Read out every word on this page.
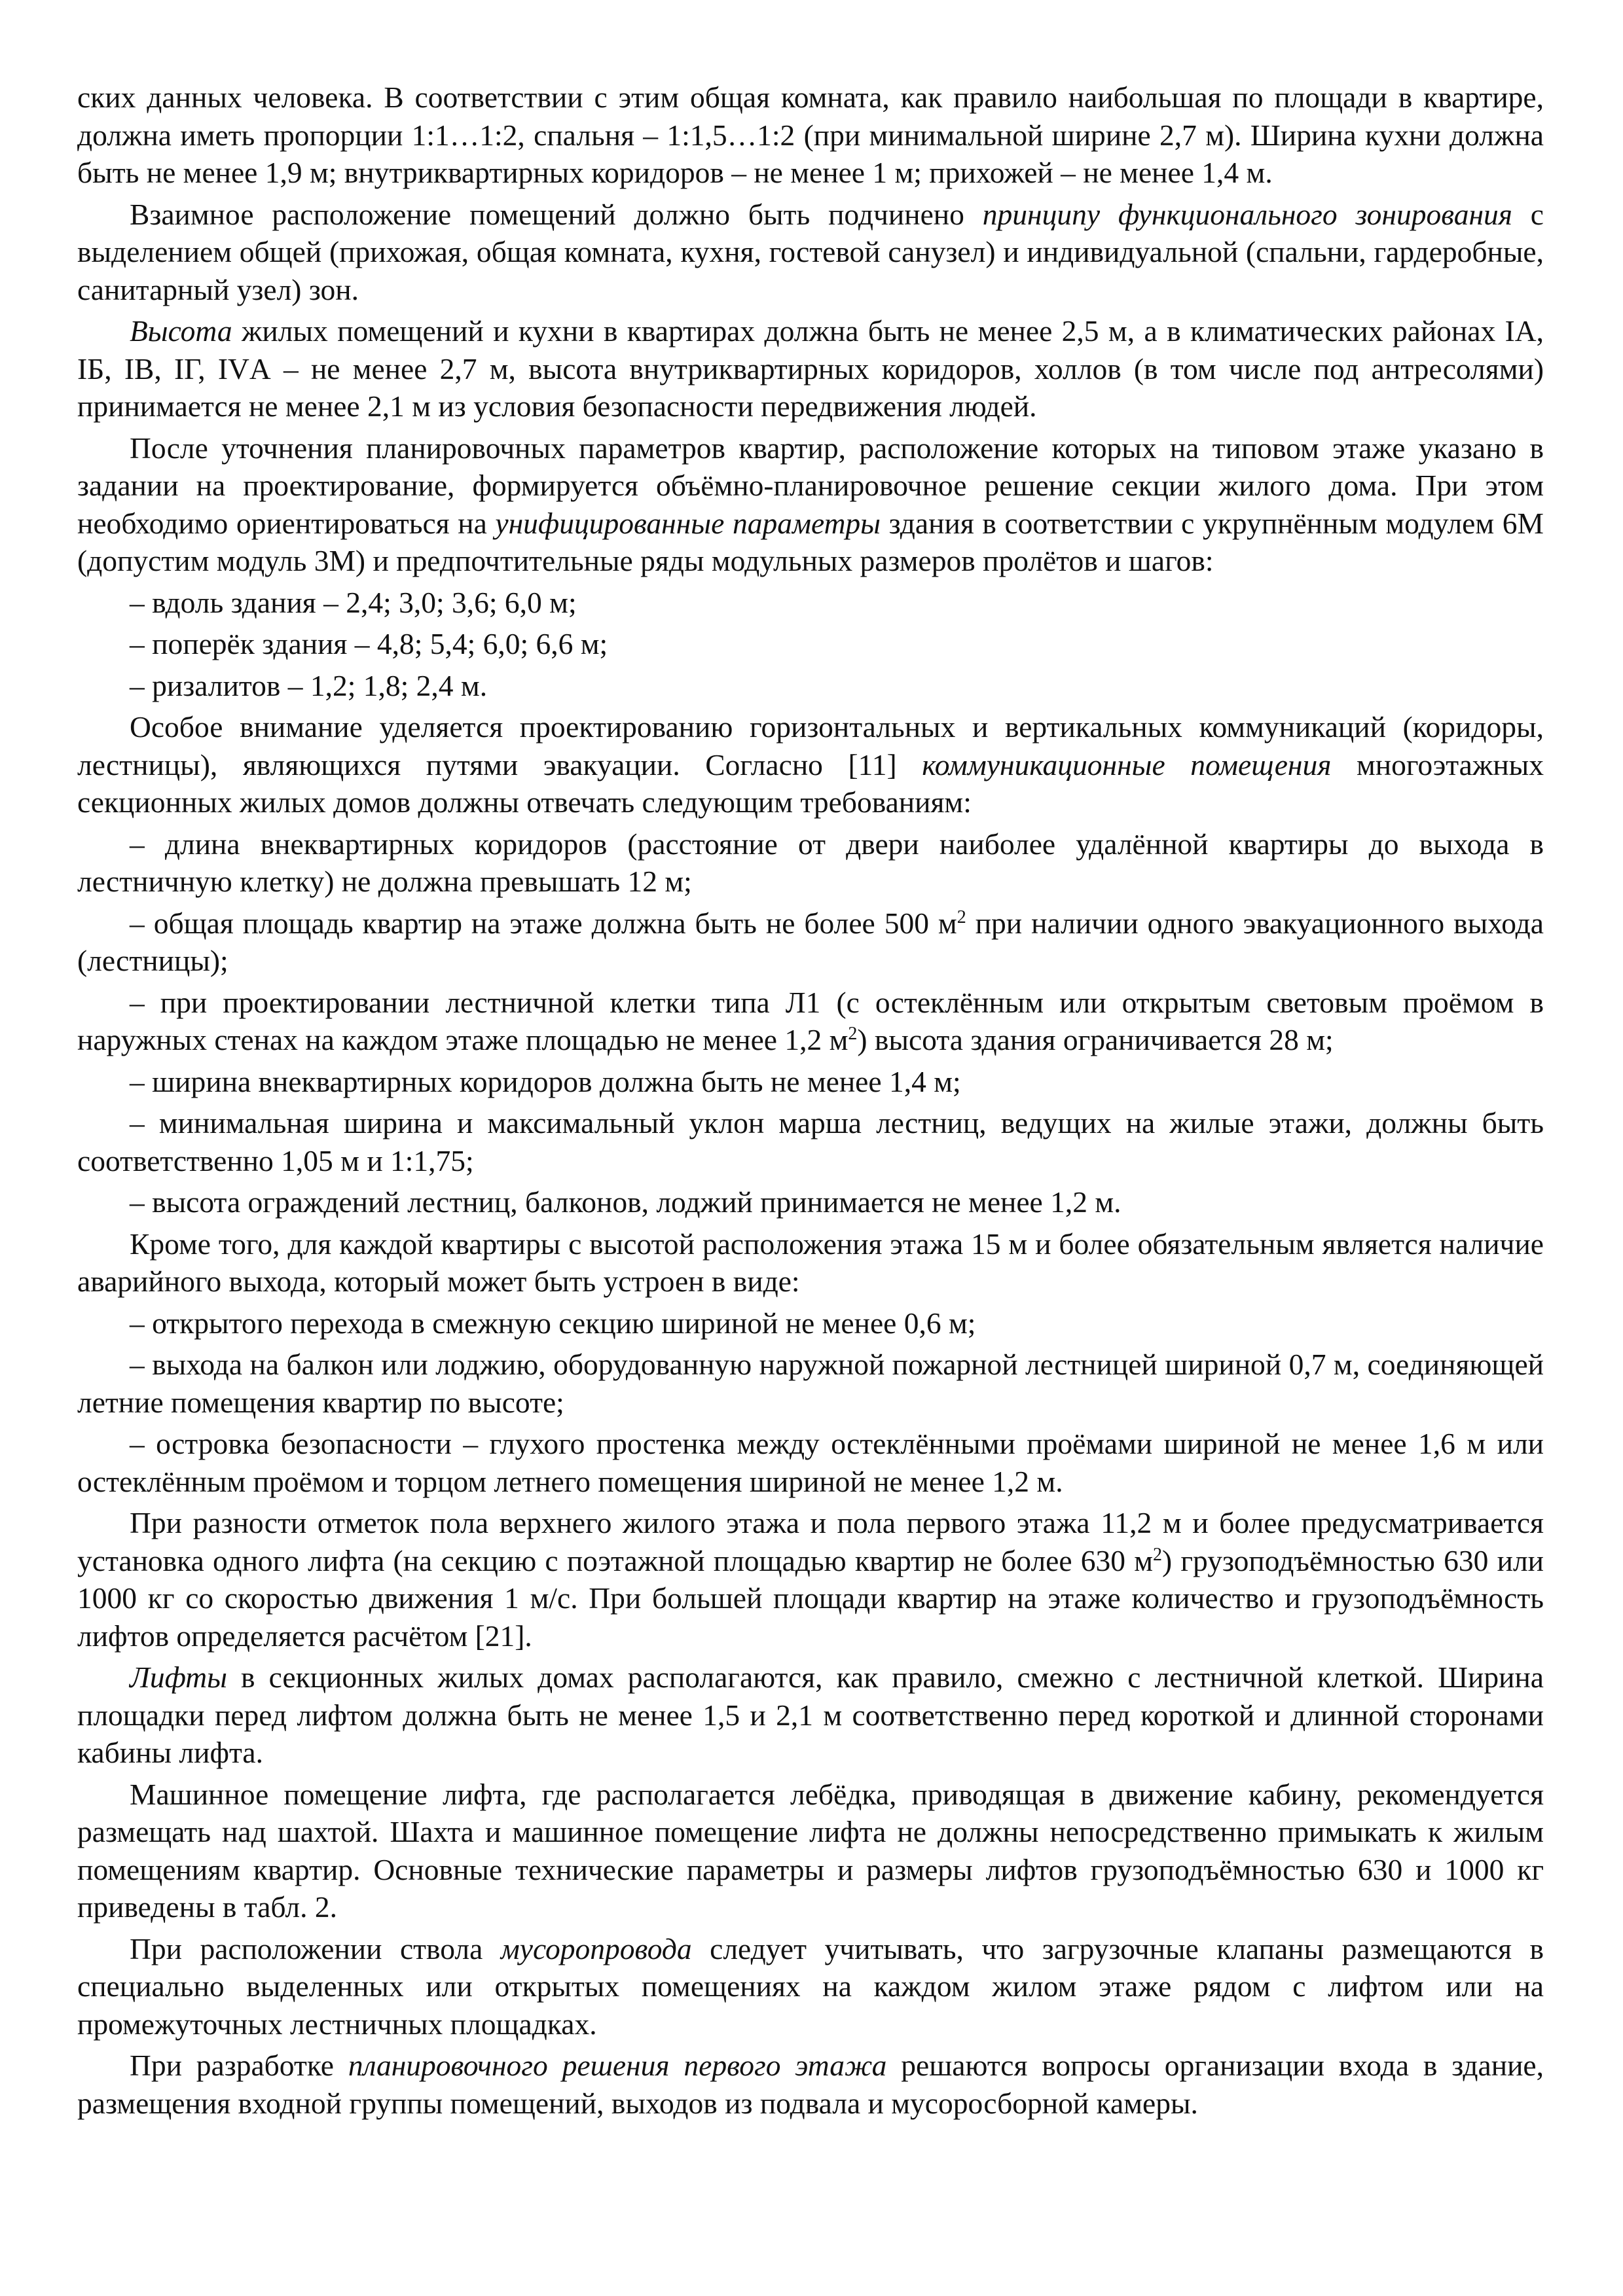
ских данных человека. В соответствии с этим общая комната, как правило наибольшая по площади в квартире, должна иметь пропорции 1:1…1:2, спальня – 1:1,5…1:2 (при минимальной ширине 2,7 м). Ширина кухни должна быть не менее 1,9 м; внутриквартирных коридоров – не менее 1 м; прихожей – не менее 1,4 м.

Взаимное расположение помещений должно быть подчинено принципу функционального зонирования с выделением общей (прихожая, общая комната, кухня, гостевой санузел) и индивидуальной (спальни, гардеробные, санитарный узел) зон.

Высота жилых помещений и кухни в квартирах должна быть не менее 2,5 м, а в климатических районах IА, IБ, IВ, IГ, IVА – не менее 2,7 м, высота внутриквартирных коридоров, холлов (в том числе под антресолями) принимается не менее 2,1 м из условия безопасности передвижения людей.

После уточнения планировочных параметров квартир, расположение которых на типовом этаже указано в задании на проектирование, формируется объёмно-планировочное решение секции жилого дома. При этом необходимо ориентироваться на унифицированные параметры здания в соответствии с укрупнённым модулем 6М (допустим модуль 3М) и предпочтительные ряды модульных размеров пролётов и шагов:

– вдоль здания – 2,4; 3,0; 3,6; 6,0 м;

– поперёк здания – 4,8; 5,4; 6,0; 6,6 м;

– ризалитов – 1,2; 1,8; 2,4 м.

Особое внимание уделяется проектированию горизонтальных и вертикальных коммуникаций (коридоры, лестницы), являющихся путями эвакуации. Согласно [11] коммуникационные помещения многоэтажных секционных жилых домов должны отвечать следующим требованиям:

– длина внеквартирных коридоров (расстояние от двери наиболее удалённой квартиры до выхода в лестничную клетку) не должна превышать 12 м;

– общая площадь квартир на этаже должна быть не более 500 $м^2$ при наличии одного эвакуационного выхода (лестницы);

– при проектировании лестничной клетки типа Л1 (с остеклённым или открытым световым проёмом в наружных стенах на каждом этаже площадью не менее 1,2 $м^2$) высота здания ограничивается 28 м;

– ширина внеквартирных коридоров должна быть не менее 1,4 м;

– минимальная ширина и максимальный уклон марша лестниц, ведущих на жилые этажи, должны быть соответственно 1,05 м и 1:1,75;

– высота ограждений лестниц, балконов, лоджий принимается не менее 1,2 м.

Кроме того, для каждой квартиры с высотой расположения этажа 15 м и более обязательным является наличие аварийного выхода, который может быть устроен в виде:

– открытого перехода в смежную секцию шириной не менее 0,6 м;

– выхода на балкон или лоджию, оборудованную наружной пожарной лестницей шириной 0,7 м, соединяющей летние помещения квартир по высоте;

– островка безопасности – глухого простенка между остеклёнными проёмами шириной не менее 1,6 м или остеклённым проёмом и торцом летнего помещения шириной не менее 1,2 м.

При разности отметок пола верхнего жилого этажа и пола первого этажа 11,2 м и более предусматривается установка одного лифта (на секцию с поэтажной площадью квартир не более 630 $м^2$) грузоподъёмностью 630 или 1000 кг со скоростью движения 1 м/с. При большей площади квартир на этаже количество и грузоподъёмность лифтов определяется расчётом [21].

Лифты в секционных жилых домах располагаются, как правило, смежно с лестничной клеткой. Ширина площадки перед лифтом должна быть не менее 1,5 и 2,1 м соответственно перед короткой и длинной сторонами кабины лифта.

Машинное помещение лифта, где располагается лебёдка, приводящая в движение кабину, рекомендуется размещать над шахтой. Шахта и машинное помещение лифта не должны непосредственно примыкать к жилым помещениям квартир. Основные технические параметры и размеры лифтов грузоподъёмностью 630 и 1000 кг приведены в табл. 2.

При расположении ствола мусоропровода следует учитывать, что загрузочные клапаны размещаются в специально выделенных или открытых помещениях на каждом жилом этаже рядом с лифтом или на промежуточных лестничных площадках.

При разработке планировочного решения первого этажа решаются вопросы организации входа в здание, размещения входной группы помещений, выходов из подвала и мусоросборной камеры.
